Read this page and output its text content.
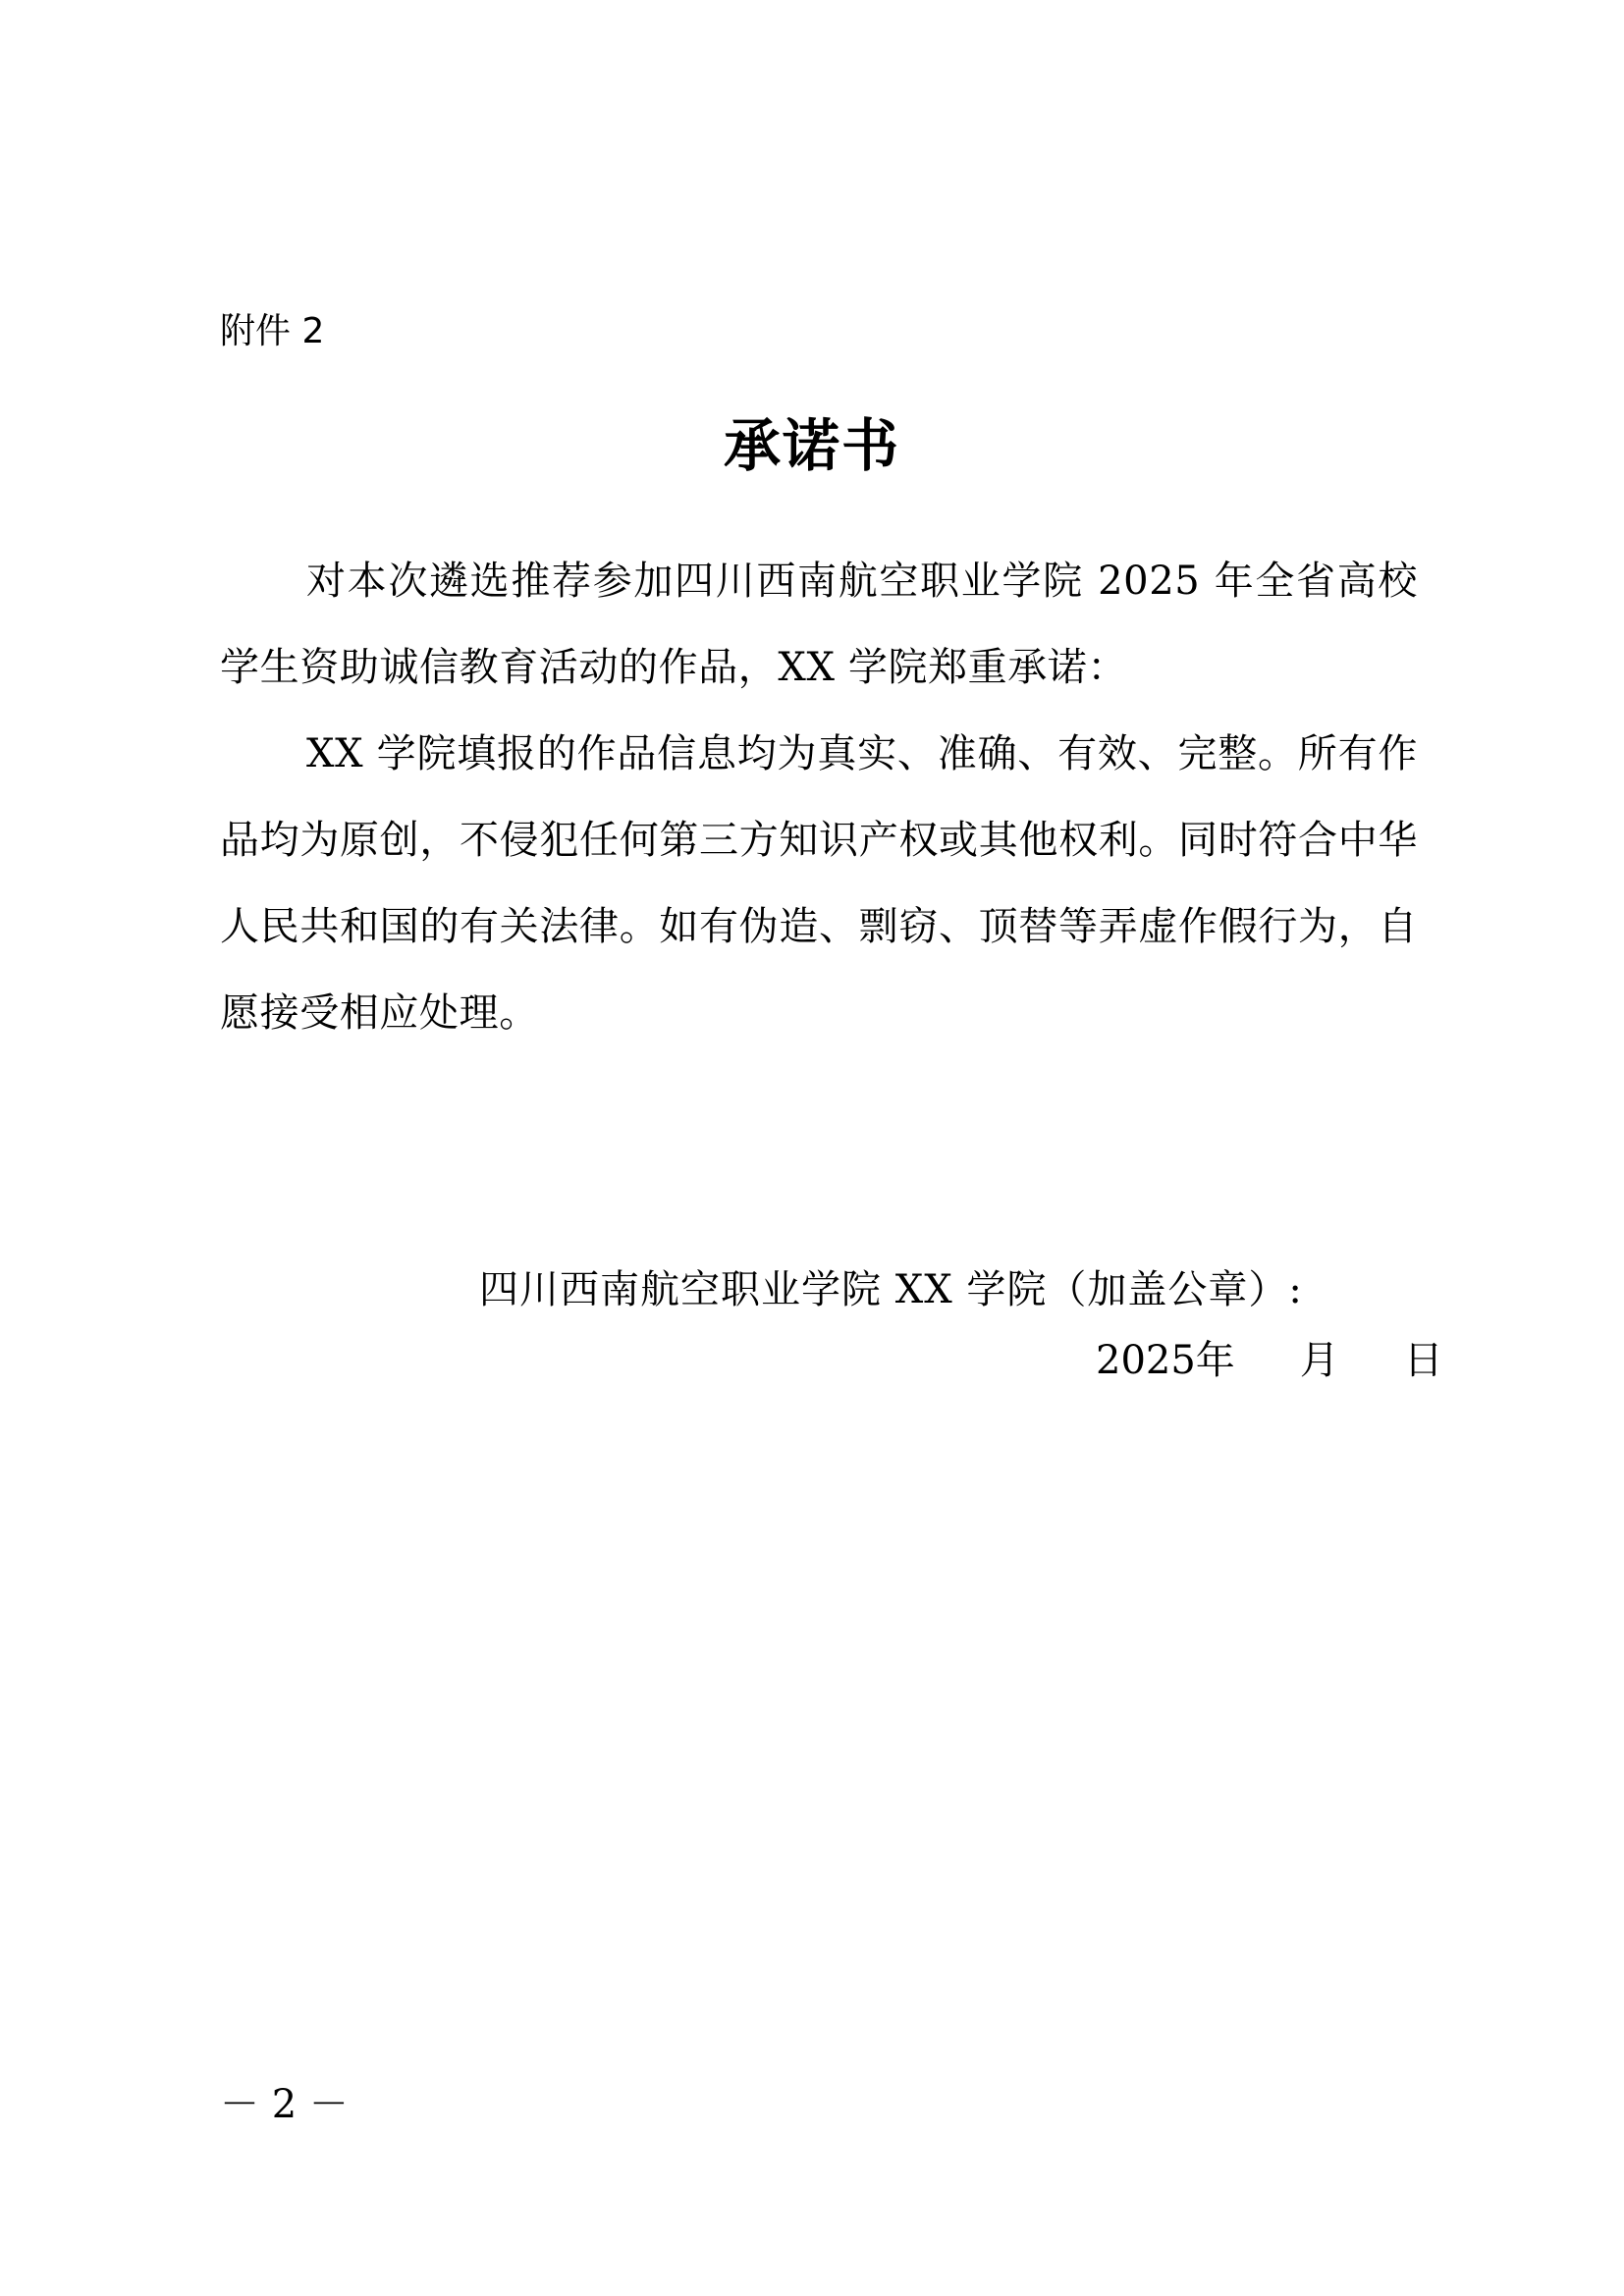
附件 2
承诺书

对本次遴选推荐参加四川西南航空职业学院 2025 年全省高校学生资助诚信教育活动的作品，XX 学院郑重承诺：

XX 学院填报的作品信息均为真实、准确、有效、完整。所有作品均为原创，不侵犯任何第三方知识产权或其他权利。同时符合中华人民共和国的有关法律。如有伪造、剽窃、顶替等弄虚作假行为，自愿接受相应处理。

四川西南航空职业学院 XX 学院（加盖公章）:
2025年 月 日
－ 2 －
